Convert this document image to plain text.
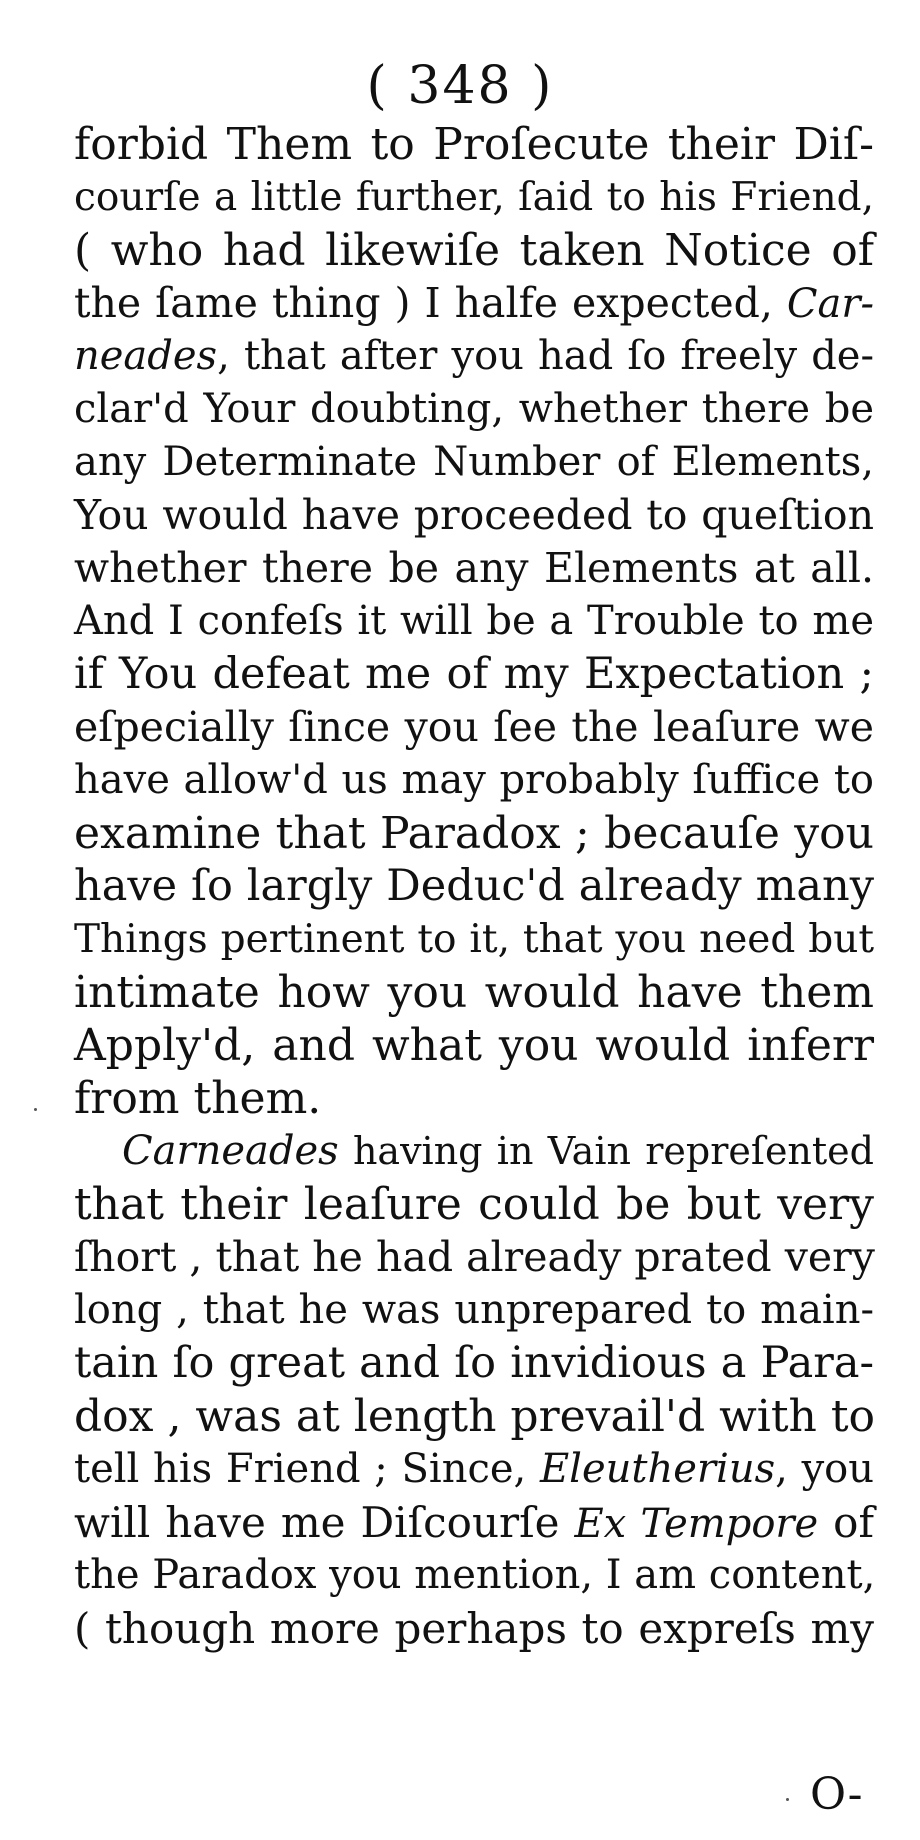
( 348 )
forbid Them to Proſecute their Diſ-
courſe a little further, ſaid to his Friend,
( who had likewiſe taken Notice of
the ſame thing ) I halfe expected, Car-
neades, that after you had ſo freely de-
clar'd Your doubting, whether there be
any Determinate Number of Elements,
You would have proceeded to queſtion
whether there be any Elements at all.
And I confeſs it will be a Trouble to me
if You defeat me of my Expectation ;
eſpecially ſince you ſee the leaſure we
have allow'd us may probably ſuffice to
examine that Paradox ; becauſe you
have ſo largly Deduc'd already many
Things pertinent to it, that you need but
intimate how you would have them
Apply'd, and what you would inferr
from them.
Carneades having in Vain repreſented
that their leaſure could be but very
ſhort , that he had already prated very
long , that he was unprepared to main-
tain ſo great and ſo invidious a Para-
dox , was at length prevail'd with to
tell his Friend ; Since, Eleutherius, you
will have me Diſcourſe Ex Tempore of
the Paradox you mention, I am content,
( though more perhaps to expreſs my
O-
